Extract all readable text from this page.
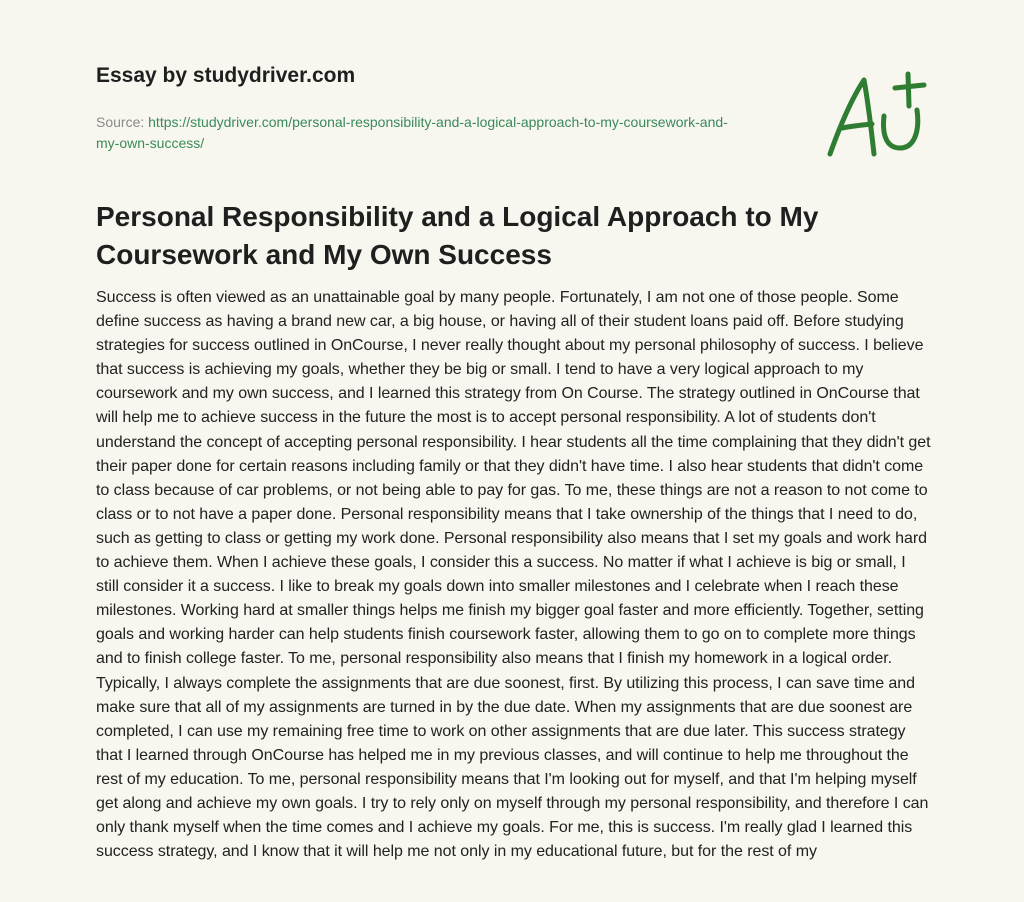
Essay by studydriver.com
Source: https://studydriver.com/personal-responsibility-and-a-logical-approach-to-my-coursework-and-my-own-success/
Personal Responsibility and a Logical Approach to My Coursework and My Own Success

Success is often viewed as an unattainable goal by many people. Fortunately, I am not one of those people. Some define success as having a brand new car, a big house, or having all of their student loans paid off. Before studying strategies for success outlined in OnCourse, I never really thought about my personal philosophy of success. I believe that success is achieving my goals, whether they be big or small. I tend to have a very logical approach to my coursework and my own success, and I learned this strategy from On Course. The strategy outlined in OnCourse that will help me to achieve success in the future the most is to accept personal responsibility. A lot of students don't understand the concept of accepting personal responsibility. I hear students all the time complaining that they didn't get their paper done for certain reasons including family or that they didn't have time. I also hear students that didn't come to class because of car problems, or not being able to pay for gas. To me, these things are not a reason to not come to class or to not have a paper done. Personal responsibility means that I take ownership of the things that I need to do, such as getting to class or getting my work done. Personal responsibility also means that I set my goals and work hard to achieve them. When I achieve these goals, I consider this a success. No matter if what I achieve is big or small, I still consider it a success. I like to break my goals down into smaller milestones and I celebrate when I reach these milestones. Working hard at smaller things helps me finish my bigger goal faster and more efficiently. Together, setting goals and working harder can help students finish coursework faster, allowing them to go on to complete more things and to finish college faster. To me, personal responsibility also means that I finish my homework in a logical order. Typically, I always complete the assignments that are due soonest, first. By utilizing this process, I can save time and make sure that all of my assignments are turned in by the due date. When my assignments that are due soonest are completed, I can use my remaining free time to work on other assignments that are due later. This success strategy that I learned through OnCourse has helped me in my previous classes, and will continue to help me throughout the rest of my education. To me, personal responsibility means that I'm looking out for myself, and that I'm helping myself get along and achieve my own goals. I try to rely only on myself through my personal responsibility, and therefore I can only thank myself when the time comes and I achieve my goals. For me, this is success. I'm really glad I learned this success strategy, and I know that it will help me not only in my educational future, but for the rest of my
